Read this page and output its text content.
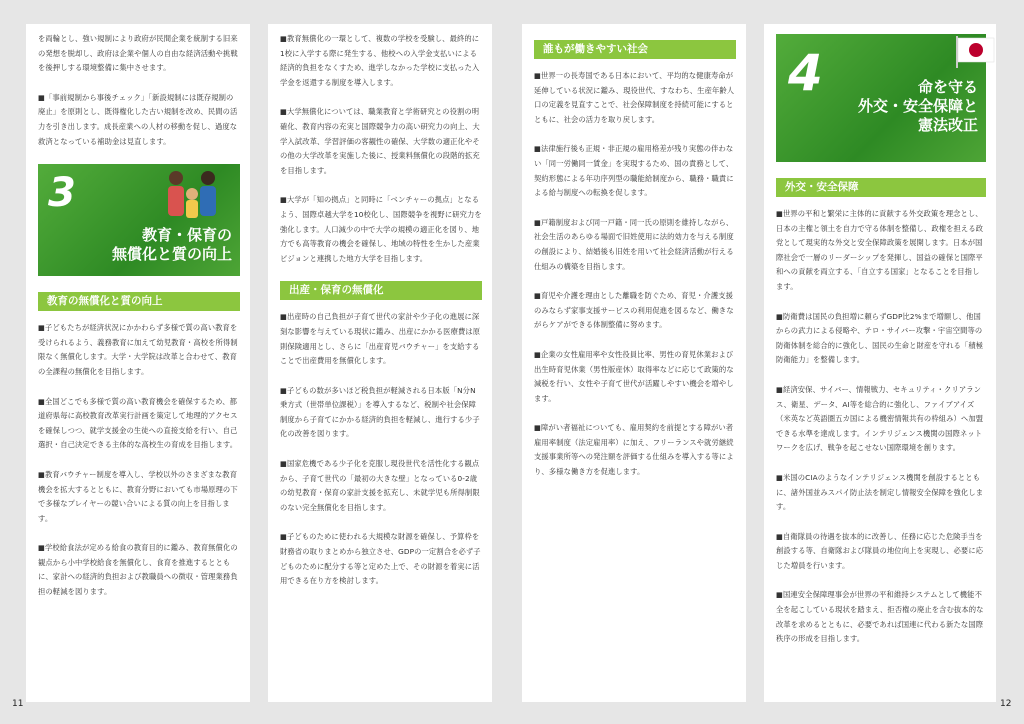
を両輪とし、強い規制により政府が民間企業を統制する旧来の発想を脱却し、政府は企業や個人の自由な経済活動や挑戦を後押しする環境整備に集中させます。

■「事前規制から事後チェック」「新設規制には既存規制の廃止」を原則とし、既得権化した古い規制を改め、民間の活力を引き出します。成長産業への人材の移動を促し、過度な救済となっている補助金は見直します。

3
教育・保育の
無償化と質の向上
教育の無償化と質の向上

■子どもたちが経済状況にかかわらず多様で質の高い教育を受けられるよう、義務教育に加えて幼児教育・高校を所得制限なく無償化します。大学・大学院は改革と合わせて、教育の全課程の無償化を目指します。

■全国どこでも多様で質の高い教育機会を確保するため、都道府県毎に高校教育改革実行計画を策定して地理的アクセスを確保しつつ、就学支援金の生徒への直接支給を行い、自己選択・自己決定できる主体的な高校生の育成を目指します。

■教育バウチャー制度を導入し、学校以外のさまざまな教育機会を拡大するとともに、教育分野においても市場原理の下で多様なプレイヤーの競い合いによる質の向上を目指します。

■学校給食法が定める給食の教育目的に鑑み、教育無償化の観点から小中学校給食を無償化し、食育を推進するとともに、家計への経済的負担および教職員への徴収・管理業務負担の軽減を図ります。

■教育無償化の一環として、複数の学校を受験し、最終的に1校に入学する際に発生する、他校への入学金支払いによる経済的負担をなくすため、進学しなかった学校に支払った入学金を返還する制度を導入します。

■大学無償化については、職業教育と学術研究との役割の明確化、教育内容の充実と国際競争力の高い研究力の向上、大学入試改革、学習評価の客観性の確保、大学数の適正化やその他の大学改革を実施した後に、授業料無償化の段階的拡充を目指します。

■大学が「知の拠点」と同時に「ベンチャーの拠点」となるよう、国際卓越大学を10校化し、国際競争を視野に研究力を強化します。人口減少の中で大学の規模の適正化を図り、地方でも高等教育の機会を確保し、地域の特性を生かした産業ビジョンと連携した地方大学を目指します。

出産・保育の無償化

■出産時の自己負担が子育て世代の家計や少子化の進展に深刻な影響を与えている現状に鑑み、出産にかかる医療費は原則保険適用とし、さらに「出産育児バウチャー」を支給することで出産費用を無償化します。

■子どもの数が多いほど税負担が軽減される日本版「N分N 乗方式（世帯単位課税）」を導入するなど、税制や社会保障制度から子育てにかかる経済的負担を軽減し、進行する少子化の改善を図ります。

■国家危機である少子化を克服し現役世代を活性化する観点から、子育て世代の「最初の大きな壁」となっている0-2歳の幼児教育・保育の家計支援を拡充し、未就学児も所得制限のない完全無償化を目指します。

■子どものために使われる大規模な財源を確保し、予算枠を財務省の取りまとめから独立させ、GDPの一定割合を必ず子どものために配分する等と定めた上で、その財源を着実に活用できる在り方を検討します。

誰もが働きやすい社会

■世界一の長寿国である日本において、平均的な健康寿命が延伸している状況に鑑み、現役世代、すなわち、生産年齢人口の定義を見直すことで、社会保障制度を持続可能にするとともに、社会の活力を取り戻します。

■法律施行後も正規・非正規の雇用格差が残り実態の伴わない「同一労働同一賃金」を実現するため、国の責務として、契約形態による年功序列型の職能給制度から、職務・職責による給与制度への転換を促します。

■戸籍制度および同一戸籍・同一氏の原則を維持しながら、社会生活のあらゆる場面で旧姓使用に法的効力を与える制度の創設により、結婚後も旧姓を用いて社会経済活動が行える仕組みの構築を目指します。

■育児や介護を理由とした離職を防ぐため、育児・介護支援のみならず家事支援サービスの利用促進を図るなど、働きながらケアができる体制整備に努めます。

■企業の女性雇用率や女性役員比率、男性の育児休業および出生時育児休業（男性版産休）取得率などに応じて政策的な減税を行い、女性や子育て世代が活躍しやすい機会を増やします。

■障がい者福祉についても、雇用契約を前提とする障がい者雇用率制度（法定雇用率）に加え、フリーランスや就労継続支援事業所等への発注額を評価する仕組みを導入する等により、多様な働き方を促進します。

4	命を守る
外交・安全保障と
憲法改正
外交・安全保障

■世界の平和と繁栄に主体的に貢献する外交政策を理念とし、日本の主権と領土を自力で守る体制を整備し、政権を担える政党として現実的な外交と安全保障政策を展開します。日本が国際社会で一層のリーダーシップを発揮し、国益の確保と国際平和への貢献を両立する、「自立する国家」となることを目指します。

■防衛費は国民の負担増に頼らずGDP比2%まで増額し、他国からの武力による侵略や、テロ・サイバー攻撃・宇宙空間等の防衛体制を総合的に強化し、国民の生命と財産を守れる「積極防衛能力」を整備します。

■経済安保、サイバー、情報戦力、セキュリティ・クリアランス、衛星、データ、AI等を総合的に強化し、ファイブアイズ（米英など英語圏五カ国による機密情報共有の枠組み）へ加盟できる水準を達成します。インテリジェンス機関の国際ネットワークを広げ、戦争を起こせない国際環境を創ります。

■米国のCIAのようなインテリジェンス機関を創設するとともに、諸外国並みスパイ防止法を制定し情報安全保障を強化します。

■自衛隊員の待遇を抜本的に改善し、任務に応じた危険手当を創設する等、自衛隊および隊員の地位向上を実現し、必要に応じた増員を行います。

■国連安全保障理事会が世界の平和維持システムとして機能不全を起こしている現状を踏まえ、拒否権の廃止を含む抜本的な改革を求めるとともに、必要であれば国連に代わる新たな国際秩序の形成を目指します。

11	12
